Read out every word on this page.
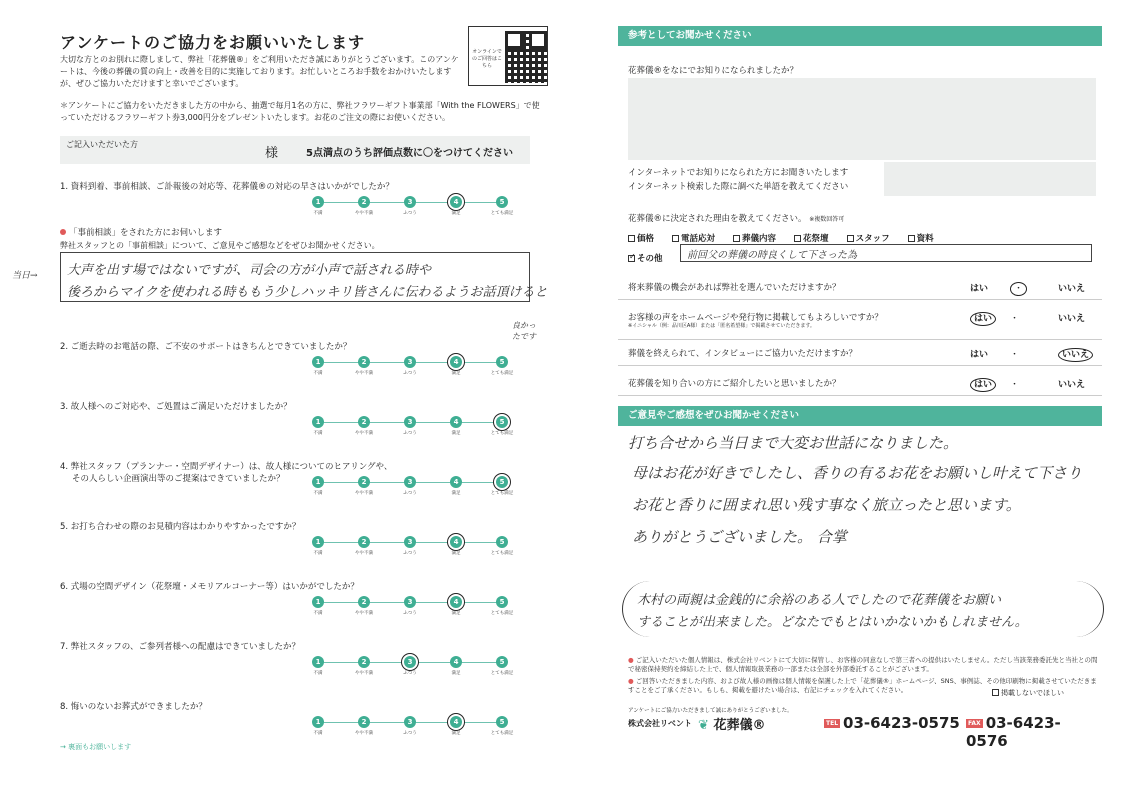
アンケートのご協力をお願いいたします
大切な方とのお別れに際しまして、弊社「花葬儀®」をご利用いただき誠にありがとうございます。このアンケートは、今後の葬儀の質の向上・改善を目的に実施しております。お忙しいところお手数をおかけいたしますが、ぜひご協力いただけますと幸いでございます。
オンラインでのご回答はこちら
＊アンケートにご協力をいただきました方の中から、抽選で毎月1名の方に、弊社フラワーギフト事業部「With the FLOWERS」で使っていただけるフラワーギフト券3,000円分をプレゼントいたします。お花のご注文の際にお使いください。
ご記入いただいた方
様	5点満点のうち評価点数に〇をつけてください
1. 資料到着、事前相談、ご訃報後の対応等、花葬儀®の対応の早さはいかがでしたか？
1
不満
2
やや不満
3
ふつう
4
満足
5
とても満足
2. ご逝去時のお電話の際、ご不安のサポートはきちんとできていましたか？
1
不満
2
やや不満
3
ふつう
4
満足
5
とても満足
3. 故人様へのご対応や、ご処置はご満足いただけましたか？
1
不満
2
やや不満
3
ふつう
4
満足
5
とても満足
4. 弊社スタッフ（プランナー・空間デザイナー）は、故人様についてのヒアリングや、
その人らしい企画演出等のご提案はできていましたか？	1
不満
2
やや不満
3
ふつう
4
満足
5
とても満足
5. お打ち合わせの際のお見積内容はわかりやすかったですか？
1
不満
2
やや不満
3
ふつう
4
満足
5
とても満足
6. 式場の空間デザイン（花祭壇・メモリアルコーナー等）はいかがでしたか？
1
不満
2
やや不満
3
ふつう
4
満足
5
とても満足
7. 弊社スタッフの、ご参列者様への配慮はできていましたか？
1
不満
2
やや不満
3
ふつう
4
満足
5
とても満足
8. 悔いのないお葬式ができましたか？
1
不満
2
やや不満
3
ふつう
4
満足
5
とても満足
「事前相談」をされた方にお伺いします
弊社スタッフとの「事前相談」について、ご意見やご感想などをぜひお聞かせください。
大声を出す場ではないですが、司会の方が小声で話される時や
後ろからマイクを使われる時ももう少しハッキリ皆さんに伝わるようお話頂けると
当日→
良かったです
→ 裏面もお願いします
参考としてお聞かせください
花葬儀®をなにでお知りになられましたか？
インターネットでお知りになられた方にお聞きいたします
インターネット検索した際に調べた単語を教えてください
花葬儀®に決定された理由を教えてください。 ※複数回答可
価格	電話応対	葬儀内容	花祭壇	スタッフ	資料
✓その他 前回父の葬儀の時良くして下さった為
将来葬儀の機会があれば弊社を選んでいただけますか？	はい	・	いいえ
お客様の声をホームページや発行物に掲載してもよろしいですか？
※イニシャル（例：品川区A様）または「匿名希望様」で掲載させていただきます。
はい	・	いいえ
葬儀を終えられて、インタビューにご協力いただけますか？	はい ・	いいえ
花葬儀を知り合いの方にご紹介したいと思いましたか？	はい	・	いいえ
ご意見やご感想をぜひお聞かせください
打ち合せから当日まで大変お世話になりました。
母はお花が好きでしたし、香りの有るお花をお願いし叶えて下さり
お花と香りに囲まれ思い残す事なく旅立ったと思います。
ありがとうございました。 合掌
木村の両親は金銭的に余裕のある人でしたので花葬儀をお願い
することが出来ました。どなたでもとはいかないかもしれません。

● ご記入いただいた個人情報は、株式会社リベントにて大切に保管し、お客様の同意なしで第三者への提供はいたしません。ただし当該業務委託先と当社との間で秘密保持契約を締結した上で、個人情報取扱業務の一部または全部を外部委託することがございます。

● ご回答いただきました内容、および故人様の画像は個人情報を保護した上で「花葬儀®」ホームページ、SNS、事例誌、その他印刷物に掲載させていただきますことをご了承ください。もしも、掲載を避けたい場合は、右記にチェックを入れてください。	掲載しないでほしい
アンケートにご協力いただきまして誠にありがとうございました。
株式会社リベント ❦ 花葬儀®	TEL 03-6423-0575	FAX 03-6423-0576
